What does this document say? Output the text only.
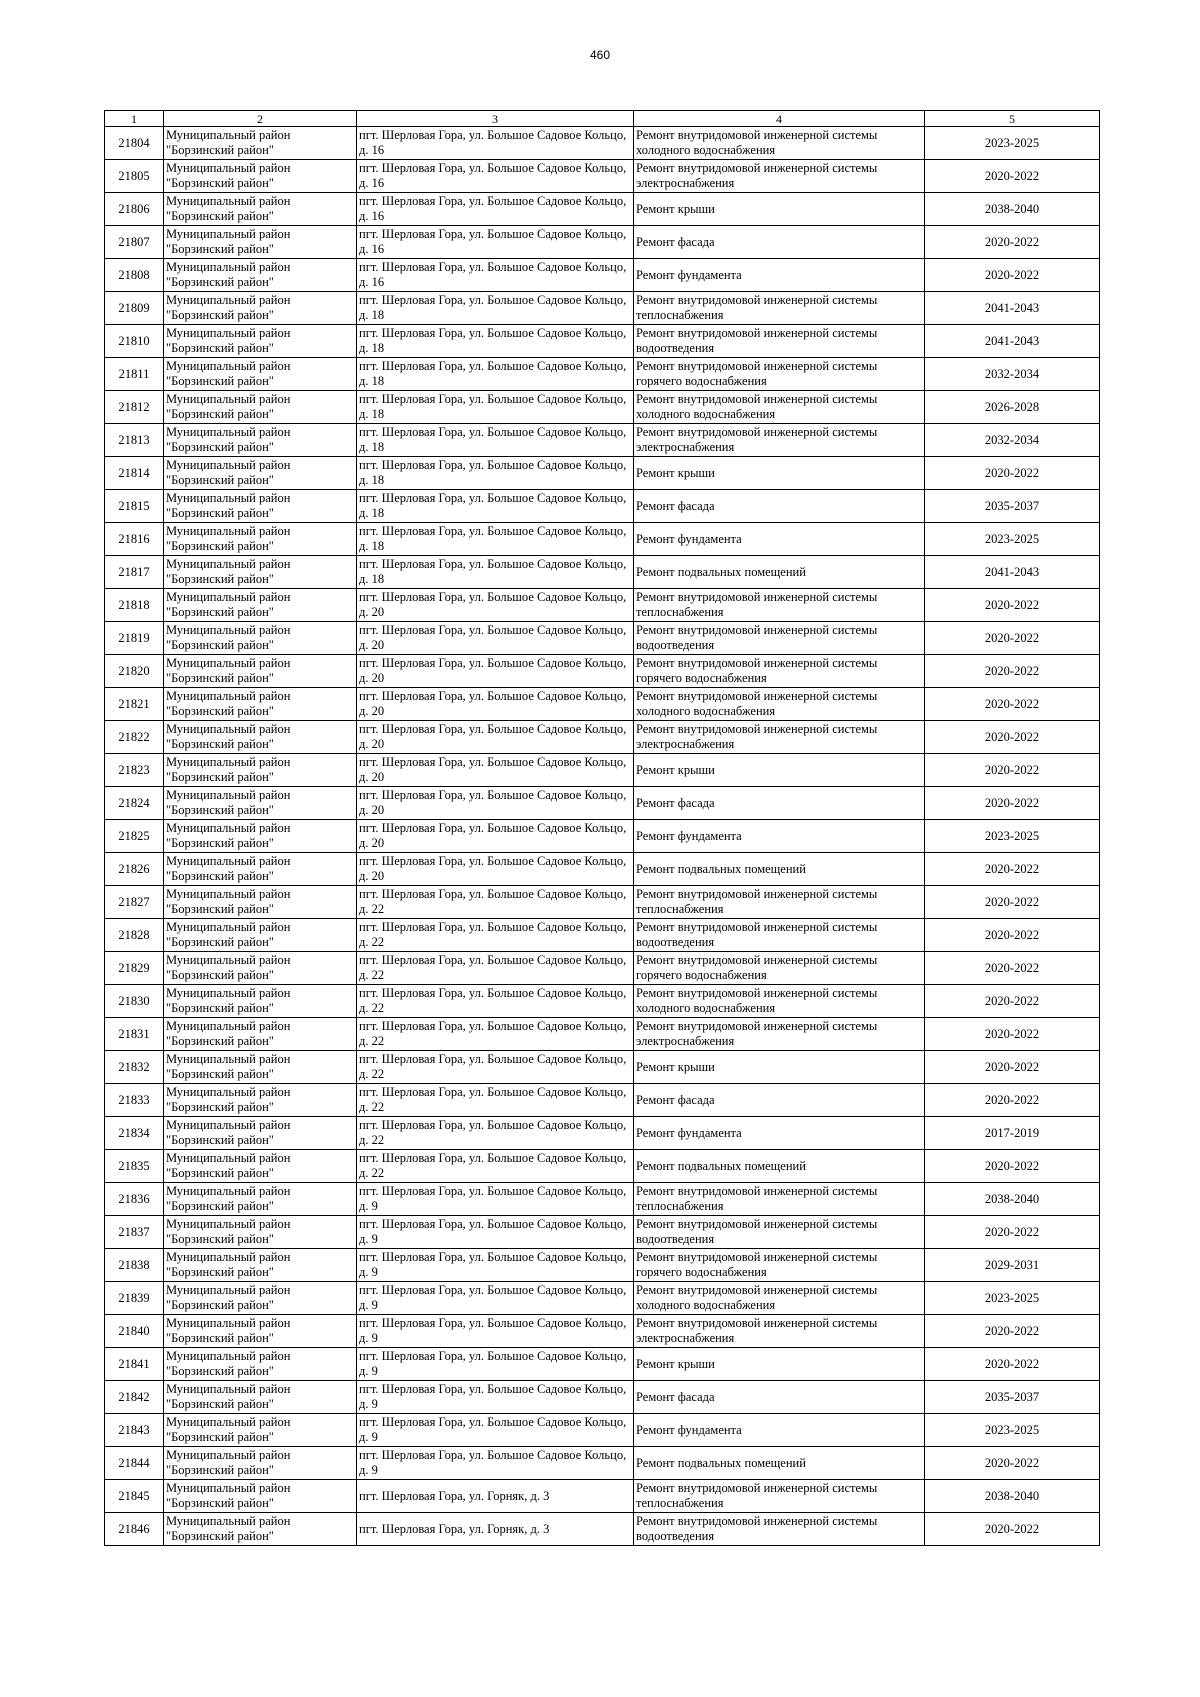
460
1	2	3	4	5
21804	Муниципальный район "Борзинский район"	пгт. Шерловая Гора, ул. Большое Садовое Кольцо, д. 16	Ремонт внутридомовой инженерной системы холодного водоснабжения	2023-2025
21805	Муниципальный район "Борзинский район"	пгт. Шерловая Гора, ул. Большое Садовое Кольцо, д. 16	Ремонт внутридомовой инженерной системы электроснабжения	2020-2022
21806	Муниципальный район "Борзинский район"	пгт. Шерловая Гора, ул. Большое Садовое Кольцо, д. 16	Ремонт крыши	2038-2040
21807	Муниципальный район "Борзинский район"	пгт. Шерловая Гора, ул. Большое Садовое Кольцо, д. 16	Ремонт фасада	2020-2022
21808	Муниципальный район "Борзинский район"	пгт. Шерловая Гора, ул. Большое Садовое Кольцо, д. 16	Ремонт фундамента	2020-2022
21809	Муниципальный район "Борзинский район"	пгт. Шерловая Гора, ул. Большое Садовое Кольцо, д. 18	Ремонт внутридомовой инженерной системы теплоснабжения	2041-2043
21810	Муниципальный район "Борзинский район"	пгт. Шерловая Гора, ул. Большое Садовое Кольцо, д. 18	Ремонт внутридомовой инженерной системы водоотведения	2041-2043
21811	Муниципальный район "Борзинский район"	пгт. Шерловая Гора, ул. Большое Садовое Кольцо, д. 18	Ремонт внутридомовой инженерной системы горячего водоснабжения	2032-2034
21812	Муниципальный район "Борзинский район"	пгт. Шерловая Гора, ул. Большое Садовое Кольцо, д. 18	Ремонт внутридомовой инженерной системы холодного водоснабжения	2026-2028
21813	Муниципальный район "Борзинский район"	пгт. Шерловая Гора, ул. Большое Садовое Кольцо, д. 18	Ремонт внутридомовой инженерной системы электроснабжения	2032-2034
21814	Муниципальный район "Борзинский район"	пгт. Шерловая Гора, ул. Большое Садовое Кольцо, д. 18	Ремонт крыши	2020-2022
21815	Муниципальный район "Борзинский район"	пгт. Шерловая Гора, ул. Большое Садовое Кольцо, д. 18	Ремонт фасада	2035-2037
21816	Муниципальный район "Борзинский район"	пгт. Шерловая Гора, ул. Большое Садовое Кольцо, д. 18	Ремонт фундамента	2023-2025
21817	Муниципальный район "Борзинский район"	пгт. Шерловая Гора, ул. Большое Садовое Кольцо, д. 18	Ремонт подвальных помещений	2041-2043
21818	Муниципальный район "Борзинский район"	пгт. Шерловая Гора, ул. Большое Садовое Кольцо, д. 20	Ремонт внутридомовой инженерной системы теплоснабжения	2020-2022
21819	Муниципальный район "Борзинский район"	пгт. Шерловая Гора, ул. Большое Садовое Кольцо, д. 20	Ремонт внутридомовой инженерной системы водоотведения	2020-2022
21820	Муниципальный район "Борзинский район"	пгт. Шерловая Гора, ул. Большое Садовое Кольцо, д. 20	Ремонт внутридомовой инженерной системы горячего водоснабжения	2020-2022
21821	Муниципальный район "Борзинский район"	пгт. Шерловая Гора, ул. Большое Садовое Кольцо, д. 20	Ремонт внутридомовой инженерной системы холодного водоснабжения	2020-2022
21822	Муниципальный район "Борзинский район"	пгт. Шерловая Гора, ул. Большое Садовое Кольцо, д. 20	Ремонт внутридомовой инженерной системы электроснабжения	2020-2022
21823	Муниципальный район "Борзинский район"	пгт. Шерловая Гора, ул. Большое Садовое Кольцо, д. 20	Ремонт крыши	2020-2022
21824	Муниципальный район "Борзинский район"	пгт. Шерловая Гора, ул. Большое Садовое Кольцо, д. 20	Ремонт фасада	2020-2022
21825	Муниципальный район "Борзинский район"	пгт. Шерловая Гора, ул. Большое Садовое Кольцо, д. 20	Ремонт фундамента	2023-2025
21826	Муниципальный район "Борзинский район"	пгт. Шерловая Гора, ул. Большое Садовое Кольцо, д. 20	Ремонт подвальных помещений	2020-2022
21827	Муниципальный район "Борзинский район"	пгт. Шерловая Гора, ул. Большое Садовое Кольцо, д. 22	Ремонт внутридомовой инженерной системы теплоснабжения	2020-2022
21828	Муниципальный район "Борзинский район"	пгт. Шерловая Гора, ул. Большое Садовое Кольцо, д. 22	Ремонт внутридомовой инженерной системы водоотведения	2020-2022
21829	Муниципальный район "Борзинский район"	пгт. Шерловая Гора, ул. Большое Садовое Кольцо, д. 22	Ремонт внутридомовой инженерной системы горячего водоснабжения	2020-2022
21830	Муниципальный район "Борзинский район"	пгт. Шерловая Гора, ул. Большое Садовое Кольцо, д. 22	Ремонт внутридомовой инженерной системы холодного водоснабжения	2020-2022
21831	Муниципальный район "Борзинский район"	пгт. Шерловая Гора, ул. Большое Садовое Кольцо, д. 22	Ремонт внутридомовой инженерной системы электроснабжения	2020-2022
21832	Муниципальный район "Борзинский район"	пгт. Шерловая Гора, ул. Большое Садовое Кольцо, д. 22	Ремонт крыши	2020-2022
21833	Муниципальный район "Борзинский район"	пгт. Шерловая Гора, ул. Большое Садовое Кольцо, д. 22	Ремонт фасада	2020-2022
21834	Муниципальный район "Борзинский район"	пгт. Шерловая Гора, ул. Большое Садовое Кольцо, д. 22	Ремонт фундамента	2017-2019
21835	Муниципальный район "Борзинский район"	пгт. Шерловая Гора, ул. Большое Садовое Кольцо, д. 22	Ремонт подвальных помещений	2020-2022
21836	Муниципальный район "Борзинский район"	пгт. Шерловая Гора, ул. Большое Садовое Кольцо, д. 9	Ремонт внутридомовой инженерной системы теплоснабжения	2038-2040
21837	Муниципальный район "Борзинский район"	пгт. Шерловая Гора, ул. Большое Садовое Кольцо, д. 9	Ремонт внутридомовой инженерной системы водоотведения	2020-2022
21838	Муниципальный район "Борзинский район"	пгт. Шерловая Гора, ул. Большое Садовое Кольцо, д. 9	Ремонт внутридомовой инженерной системы горячего водоснабжения	2029-2031
21839	Муниципальный район "Борзинский район"	пгт. Шерловая Гора, ул. Большое Садовое Кольцо, д. 9	Ремонт внутридомовой инженерной системы холодного водоснабжения	2023-2025
21840	Муниципальный район "Борзинский район"	пгт. Шерловая Гора, ул. Большое Садовое Кольцо, д. 9	Ремонт внутридомовой инженерной системы электроснабжения	2020-2022
21841	Муниципальный район "Борзинский район"	пгт. Шерловая Гора, ул. Большое Садовое Кольцо, д. 9	Ремонт крыши	2020-2022
21842	Муниципальный район "Борзинский район"	пгт. Шерловая Гора, ул. Большое Садовое Кольцо, д. 9	Ремонт фасада	2035-2037
21843	Муниципальный район "Борзинский район"	пгт. Шерловая Гора, ул. Большое Садовое Кольцо, д. 9	Ремонт фундамента	2023-2025
21844	Муниципальный район "Борзинский район"	пгт. Шерловая Гора, ул. Большое Садовое Кольцо, д. 9	Ремонт подвальных помещений	2020-2022
21845	Муниципальный район "Борзинский район"	пгт. Шерловая Гора, ул. Горняк, д. 3	Ремонт внутридомовой инженерной системы теплоснабжения	2038-2040
21846	Муниципальный район "Борзинский район"	пгт. Шерловая Гора, ул. Горняк, д. 3	Ремонт внутридомовой инженерной системы водоотведения	2020-2022
